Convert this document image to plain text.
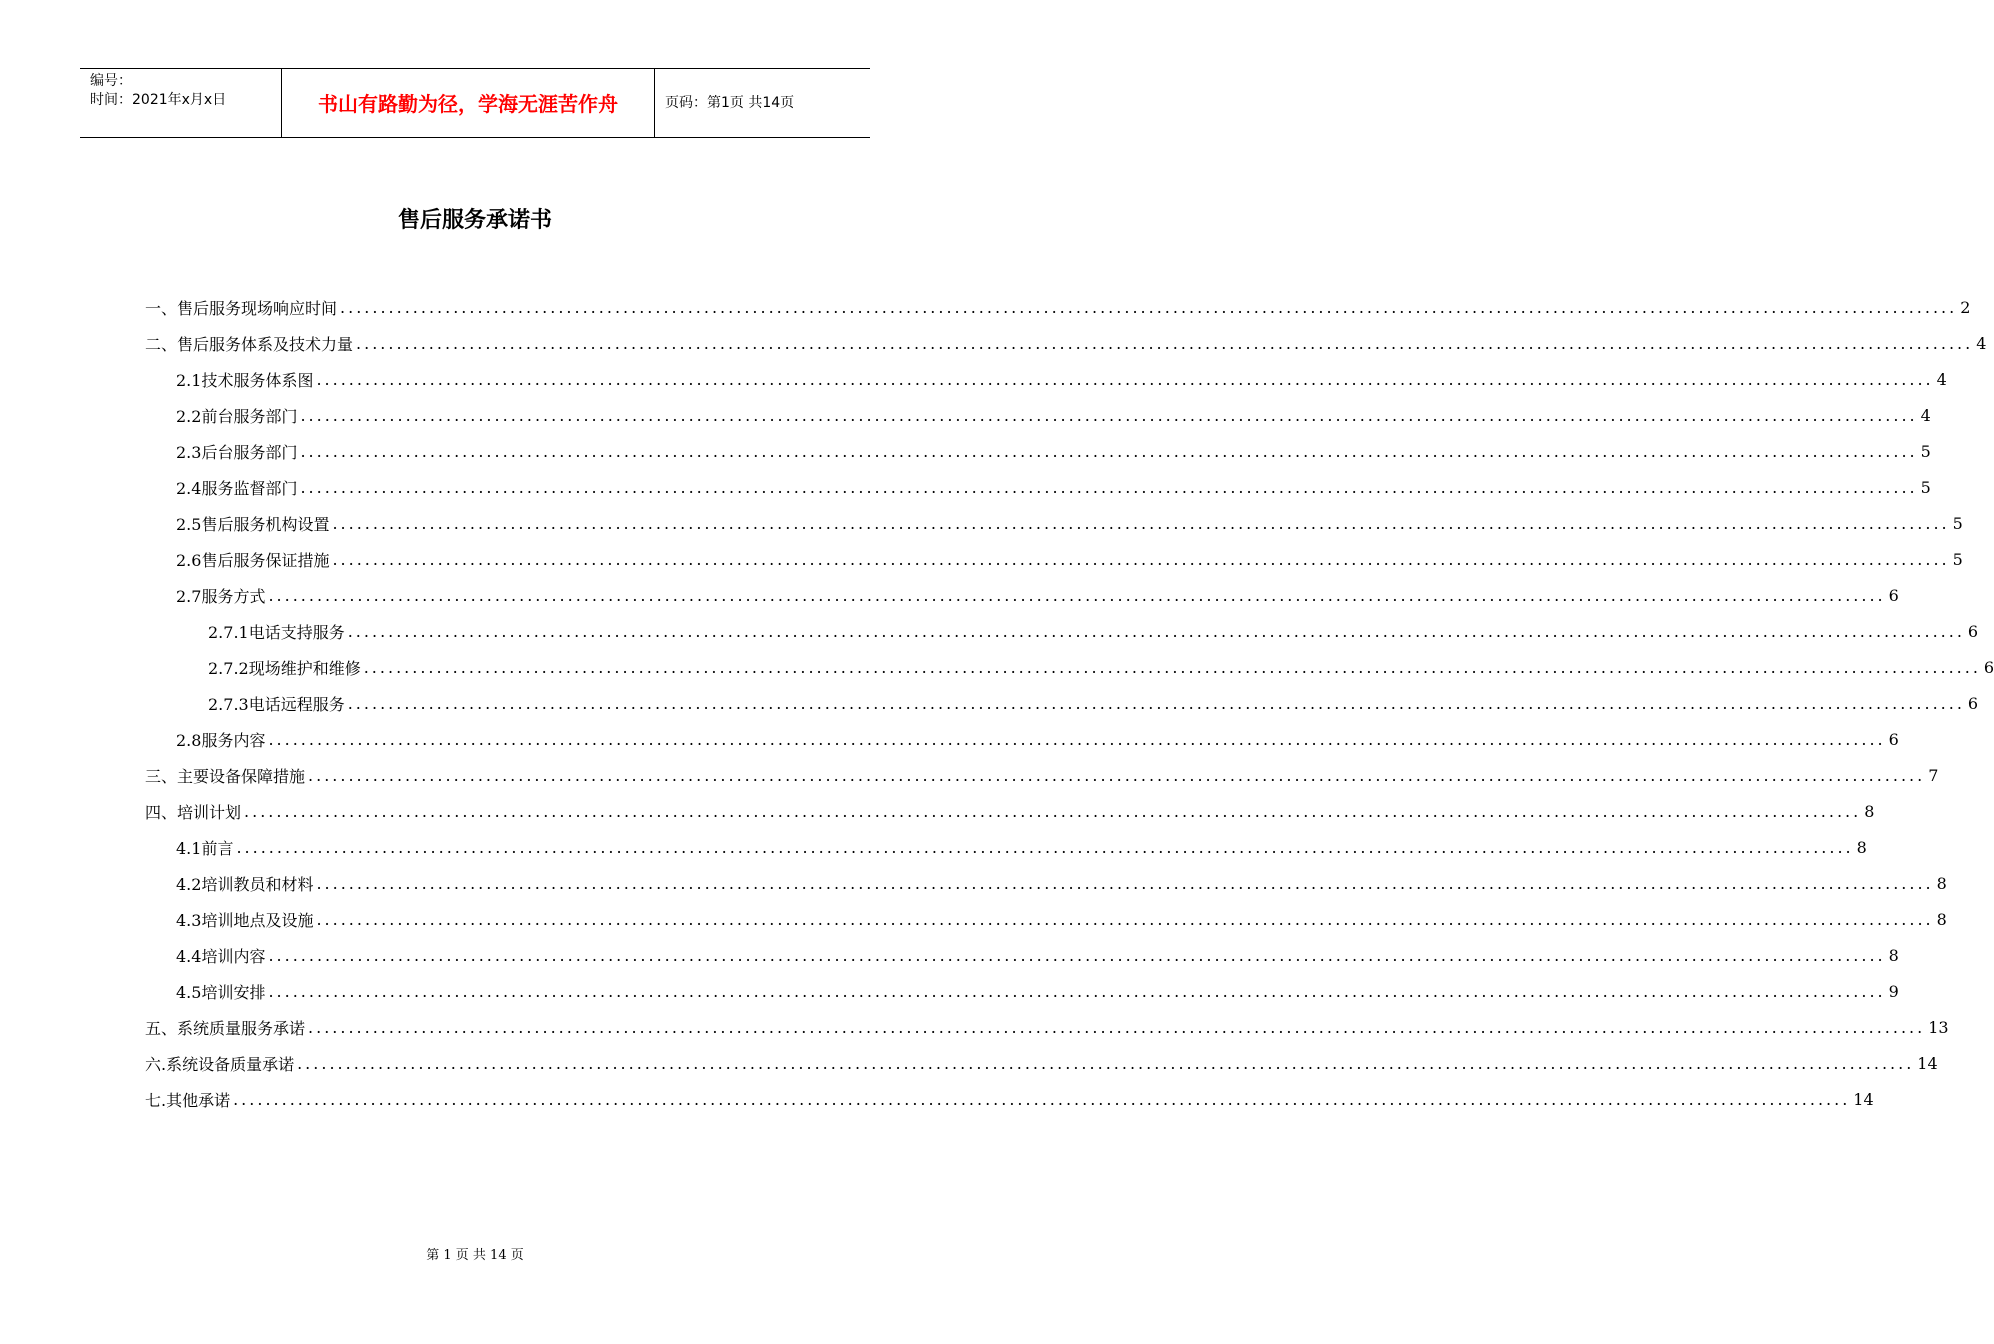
编号：
时间：2021年x月x日	书山有路勤为径，学海无涯苦作舟	页码：第1页 共14页
售后服务承诺书
一、售后服务现场响应时间 ........................................................................................................................................................................................................ 2
二、售后服务体系及技术力量 ........................................................................................................................................................................................................ 4
2.1技术服务体系图 ........................................................................................................................................................................................................ 4
2.2前台服务部门 ........................................................................................................................................................................................................ 4
2.3后台服务部门 ........................................................................................................................................................................................................ 5
2.4服务监督部门 ........................................................................................................................................................................................................ 5
2.5售后服务机构设置 ........................................................................................................................................................................................................ 5
2.6售后服务保证措施 ........................................................................................................................................................................................................ 5
2.7服务方式 ........................................................................................................................................................................................................ 6
2.7.1电话支持服务 ........................................................................................................................................................................................................ 6
2.7.2现场维护和维修 ........................................................................................................................................................................................................ 6
2.7.3电话远程服务 ........................................................................................................................................................................................................ 6
2.8服务内容 ........................................................................................................................................................................................................ 6
三、主要设备保障措施 ........................................................................................................................................................................................................ 7
四、培训计划 ........................................................................................................................................................................................................ 8
4.1前言 ........................................................................................................................................................................................................ 8
4.2培训教员和材料 ........................................................................................................................................................................................................ 8
4.3培训地点及设施 ........................................................................................................................................................................................................ 8
4.4培训内容 ........................................................................................................................................................................................................ 8
4.5培训安排 ........................................................................................................................................................................................................ 9
五、系统质量服务承诺 ........................................................................................................................................................................................................ 13
六.系统设备质量承诺 ........................................................................................................................................................................................................ 14
七.其他承诺 ........................................................................................................................................................................................................ 14
第 1 页 共 14 页
